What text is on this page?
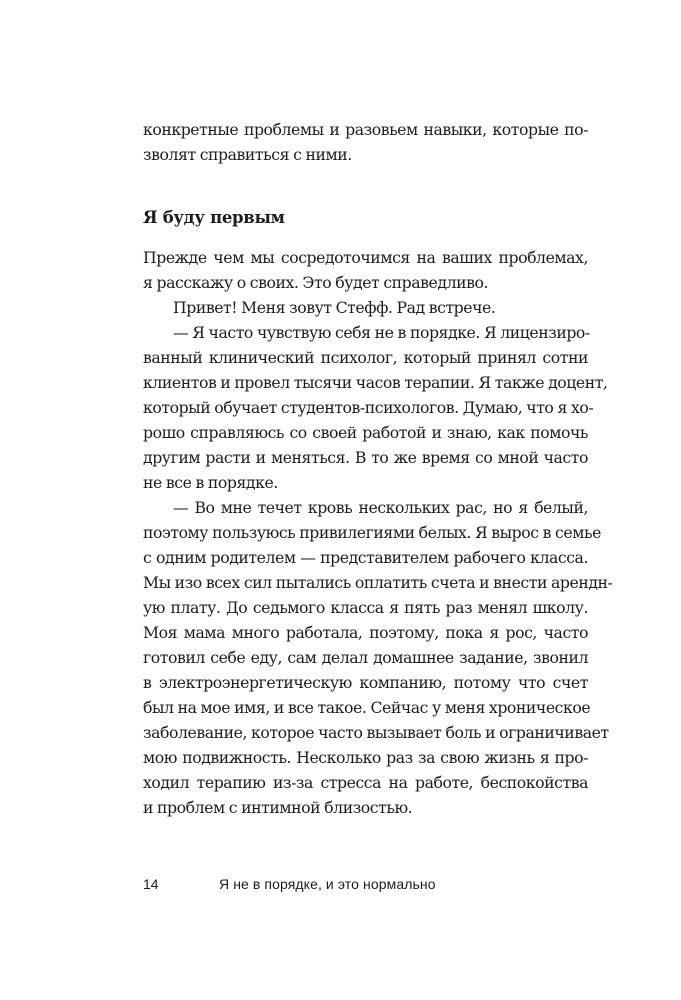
конкретные проблемы и разовьем навыки, которые по-
зволят справиться с ними.
Я буду первым
Прежде чем мы сосредоточимся на ваших проблемах,
я расскажу о своих. Это будет справедливо.
Привет! Меня зовут Стефф. Рад встрече.
— Я часто чувствую себя не в порядке. Я лицензиро-
ванный клинический психолог, который принял сотни
клиентов и провел тысячи часов терапии. Я также доцент,
который обучает студентов-психологов. Думаю, что я хо-
рошо справляюсь со своей работой и знаю, как помочь
другим расти и меняться. В то же время со мной часто
не все в порядке.
— Во мне течет кровь нескольких рас, но я белый,
поэтому пользуюсь привилегиями белых. Я вырос в семье
с одним родителем — представителем рабочего класса.
Мы изо всех сил пытались оплатить счета и внести арендн-
ую плату. До седьмого класса я пять раз менял школу.
Моя мама много работала, поэтому, пока я рос, часто
готовил себе еду, сам делал домашнее задание, звонил
в электроэнергетическую компанию, потому что счет
был на мое имя, и все такое. Сейчас у меня хроническое
заболевание, которое часто вызывает боль и ограничивает
мою подвижность. Несколько раз за свою жизнь я про-
ходил терапию из-за стресса на работе, беспокойства
и проблем с интимной близостью.
14	Я не в порядке, и это нормально
